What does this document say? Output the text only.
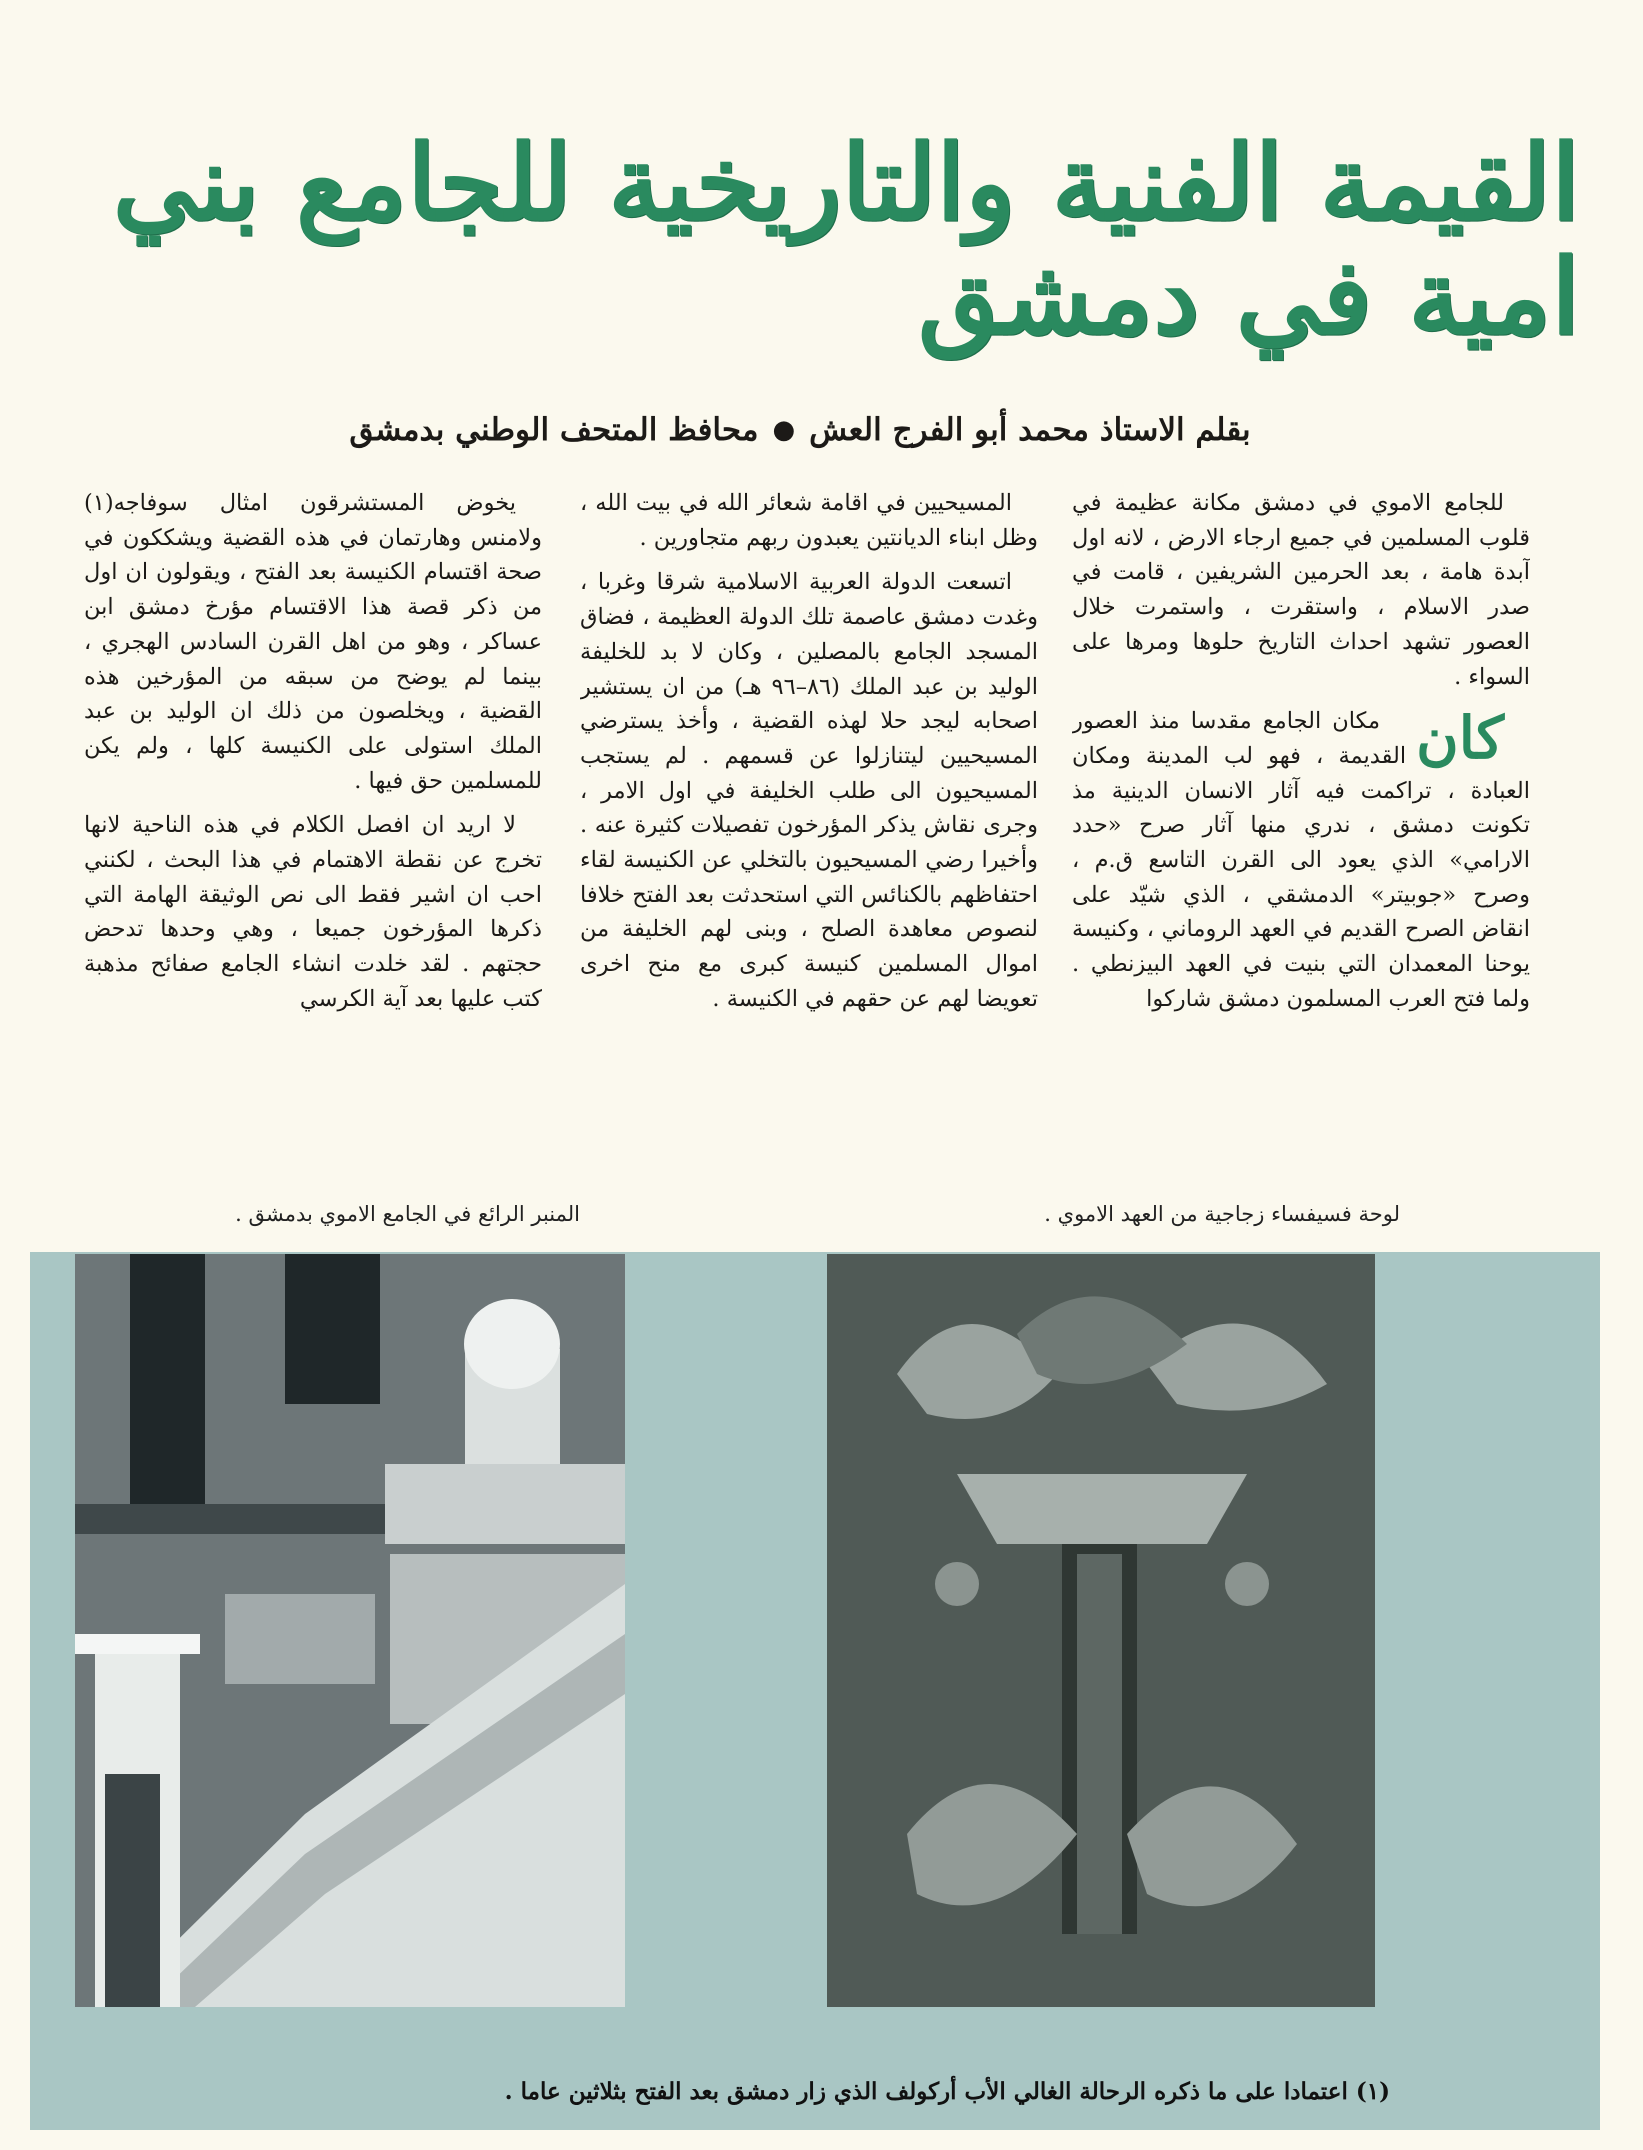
القيمة الفنية والتاريخية للجامع بني امية في دمشق
بقلم الاستاذ محمد أبو الفرج العش
●
محافظ المتحف الوطني بدمشق

للجامع الاموي في دمشق مكانة عظيمة في قلوب المسلمين في جميع ارجاء الارض ، لانه اول آبدة هامة ، بعد الحرمين الشريفين ، قامت في صدر الاسلام ، واستقرت ، واستمرت خلال العصور تشهد احداث التاريخ حلوها ومرها على السواء .

كان
مكان الجامع مقدسا منذ العصور القديمة ، فهو لب المدينة ومكان العبادة ، تراكمت فيه آثار الانسان الدينية مذ تكونت دمشق ، ندري منها آثار صرح «حدد الارامي» الذي يعود الى القرن التاسع ق.م ، وصرح «جوبيتر» الدمشقي ، الذي شيّد على انقاض الصرح القديم في العهد الروماني ، وكنيسة يوحنا المعمدان التي بنيت في العهد البيزنطي . ولما فتح العرب المسلمون دمشق شاركوا

المسيحيين في اقامة شعائر الله في بيت الله ، وظل ابناء الديانتين يعبدون ربهم متجاورين .

اتسعت الدولة العربية الاسلامية شرقا وغربا ، وغدت دمشق عاصمة تلك الدولة العظيمة ، فضاق المسجد الجامع بالمصلين ، وكان لا بد للخليفة الوليد بن عبد الملك (٨٦–٩٦ هـ) من ان يستشير اصحابه ليجد حلا لهذه القضية ، وأخذ يسترضي المسيحيين ليتنازلوا عن قسمهم . لم يستجب المسيحيون الى طلب الخليفة في اول الامر ، وجرى نقاش يذكر المؤرخون تفصيلات كثيرة عنه . وأخيرا رضي المسيحيون بالتخلي عن الكنيسة لقاء احتفاظهم بالكنائس التي استحدثت بعد الفتح خلافا لنصوص معاهدة الصلح ، وبنى لهم الخليفة من اموال المسلمين كنيسة كبرى مع منح اخرى تعويضا لهم عن حقهم في الكنيسة .

يخوض المستشرقون امثال سوفاجه(١) ولامنس وهارتمان في هذه القضية ويشككون في صحة اقتسام الكنيسة بعد الفتح ، ويقولون ان اول من ذكر قصة هذا الاقتسام مؤرخ دمشق ابن عساكر ، وهو من اهل القرن السادس الهجري ، بينما لم يوضح من سبقه من المؤرخين هذه القضية ، ويخلصون من ذلك ان الوليد بن عبد الملك استولى على الكنيسة كلها ، ولم يكن للمسلمين حق فيها .

لا اريد ان افصل الكلام في هذه الناحية لانها تخرج عن نقطة الاهتمام في هذا البحث ، لكنني احب ان اشير فقط الى نص الوثيقة الهامة التي ذكرها المؤرخون جميعا ، وهي وحدها تدحض حجتهم . لقد خلدت انشاء الجامع صفائح مذهبة كتب عليها بعد آية الكرسي

المنبر الرائع في الجامع الاموي بدمشق .	لوحة فسيفساء زجاجية من العهد الاموي .
(١) اعتمادا على ما ذكره الرحالة الغالي الأب أركولف الذي زار دمشق بعد الفتح بثلاثين عاما .
